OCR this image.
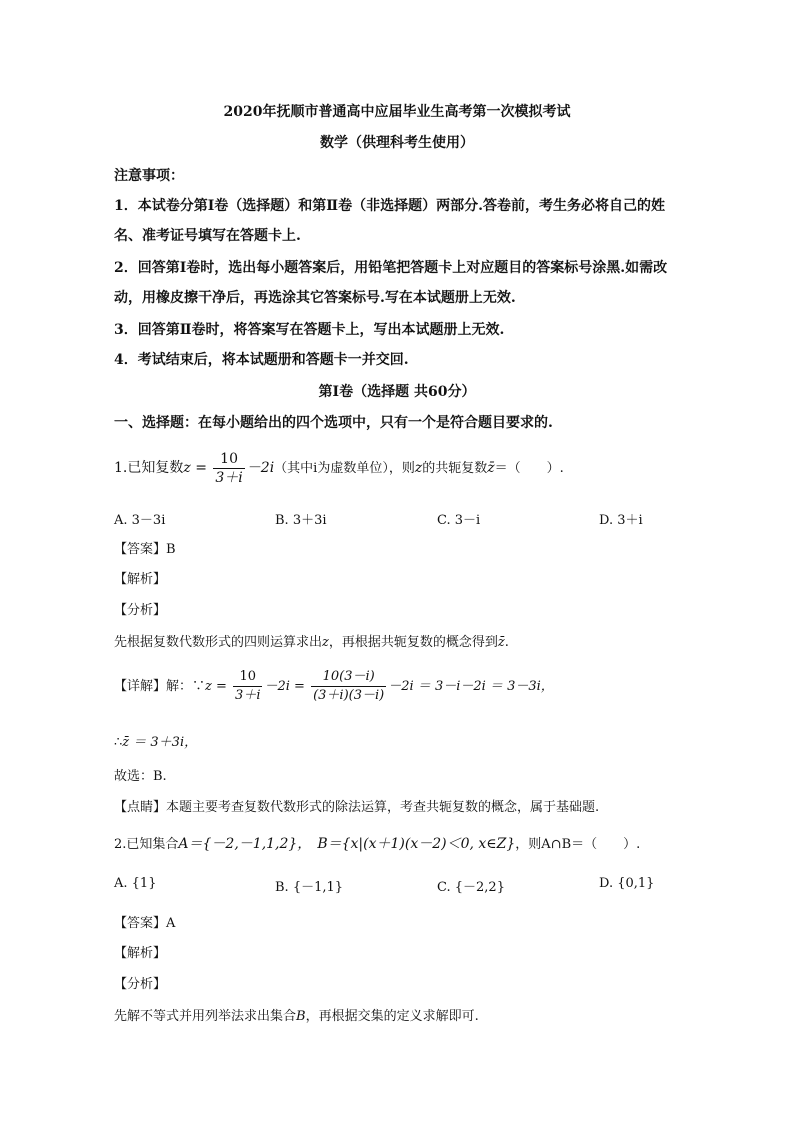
2020年抚顺市普通高中应届毕业生高考第一次模拟考试
数学（供理科考生使用）
注意事项：
1．本试卷分第Ⅰ卷（选择题）和第Ⅱ卷（非选择题）两部分.答卷前，考生务必将自己的姓
名、准考证号填写在答题卡上.
2．回答第Ⅰ卷时，选出每小题答案后，用铅笔把答题卡上对应题目的答案标号涂黑.如需改
动，用橡皮擦干净后，再选涂其它答案标号.写在本试题册上无效.
3．回答第Ⅱ卷时，将答案写在答题卡上，写出本试题册上无效.
4．考试结束后，将本试题册和答题卡一并交回.
第Ⅰ卷（选择题 共60分）
一、选择题：在每小题给出的四个选项中，只有一个是符合题目要求的.
1.已知复数$z = \frac{10}{3+i} -2i$（其中i为虚数单位），则z的共轭复数z̄＝（　　）.
A. 3－3i	B. 3＋3i	C. 3－i	D. 3＋i
【答案】B
【解析】
【分析】
先根据复数代数形式的四则运算求出z，再根据共轭复数的概念得到z̄.
【详解】解：∵z = $\frac{10}{3+i} -2i = \frac{10(3-i)}{(3+i)(3-i)} -2i = 3-i-2i = 3-3i$，
∴z̄ ＝ 3＋3i，
故选：B.
【点睛】本题主要考查复数代数形式的除法运算，考查共轭复数的概念，属于基础题.
2.已知集合A＝{－2,－1,1,2}，　 B＝{x|(x＋1)(x－2)＜0, x∈Z}，则A∩B＝（　　）.
A. {1}	B. {－1,1}	C. {－2,2}	D. {0,1}
【答案】A
【解析】
【分析】
先解不等式并用列举法求出集合B，再根据交集的定义求解即可.
